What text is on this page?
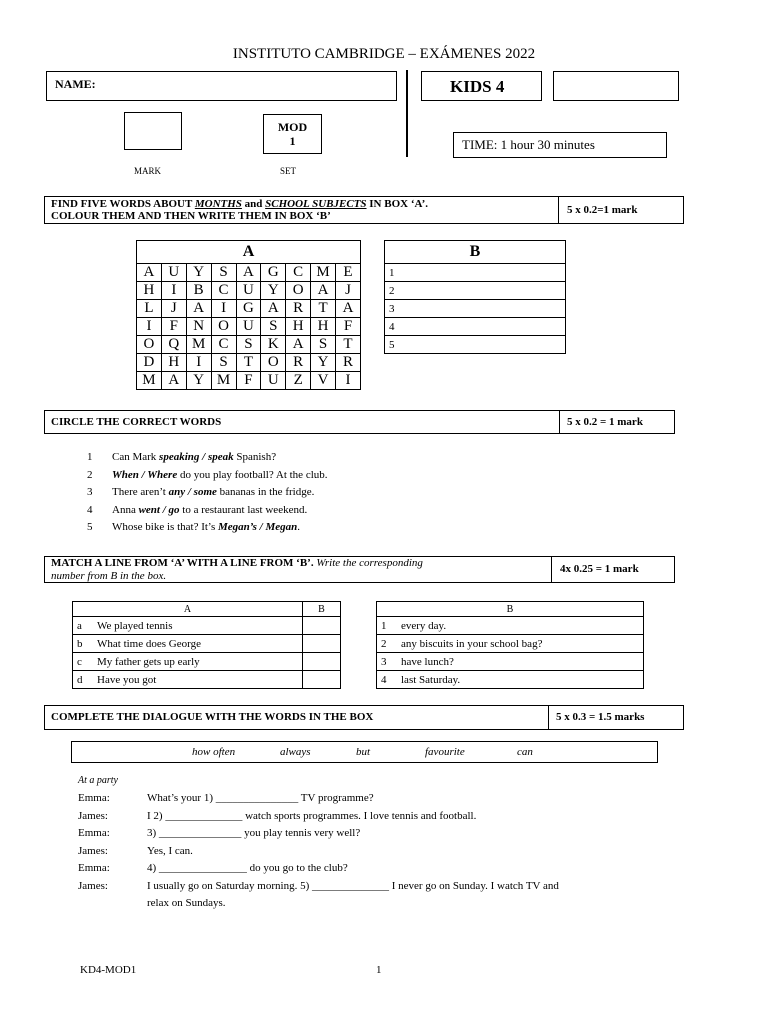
INSTITUTO CAMBRIDGE – EXÁMENES 2022
NAME:	KIDS 4
MARK
MOD
1
SET
TIME: 1 hour 30 minutes
FIND FIVE WORDS ABOUT MONTHS and SCHOOL SUBJECTS IN BOX ‘A’.
COLOUR THEM AND THEN WRITE THEM IN BOX ‘B’	5 x 0.2=1 mark
A								
A	U	Y	S	A	G	C	M	E
H	I	B	C	U	Y	O	A	J
L	J	A	I	G	A	R	T	A
I	F	N	O	U	S	H	H	F
O	Q	M	C	S	K	A	S	T
D	H	I	S	T	O	R	Y	R
M	A	Y	M	F	U	Z	V	I
B
1
2
3
4
5
CIRCLE THE CORRECT WORDS	5 x 0.2 = 1 mark
1 Can Mark speaking / speak Spanish?
2 When / Where do you play football? At the club.
3 There aren’t any / some bananas in the fridge.
4 Anna went / go to a restaurant last weekend.
5 Whose bike is that? It’s Megan’s / Megan.
MATCH A LINE FROM ‘A’ WITH A LINE FROM ‘B’. Write the corresponding
number from B in the box.
4x 0.25 = 1 mark
A		B
a	We played tennis	
b	What time does George	
c	My father gets up early	
d	Have you got	
B	
1	every day.
2	any biscuits in your school bag?
3	have lunch?
4	last Saturday.
COMPLETE THE DIALOGUE WITH THE WORDS IN THE BOX	5 x 0.3 = 1.5 marks
how often	always	but	favourite	can
At a party
Emma:	What’s your 1) _______________ TV programme?
James:	I 2) ______________ watch sports programmes. I love tennis and football.
Emma:	3) _______________ you play tennis very well?
James:	Yes, I can.
Emma:	4) ________________ do you go to the club?
James:	I usually go on Saturday morning. 5) ______________ I never go on Sunday. I watch TV and
relax on Sundays.
KD4-MOD1	1
